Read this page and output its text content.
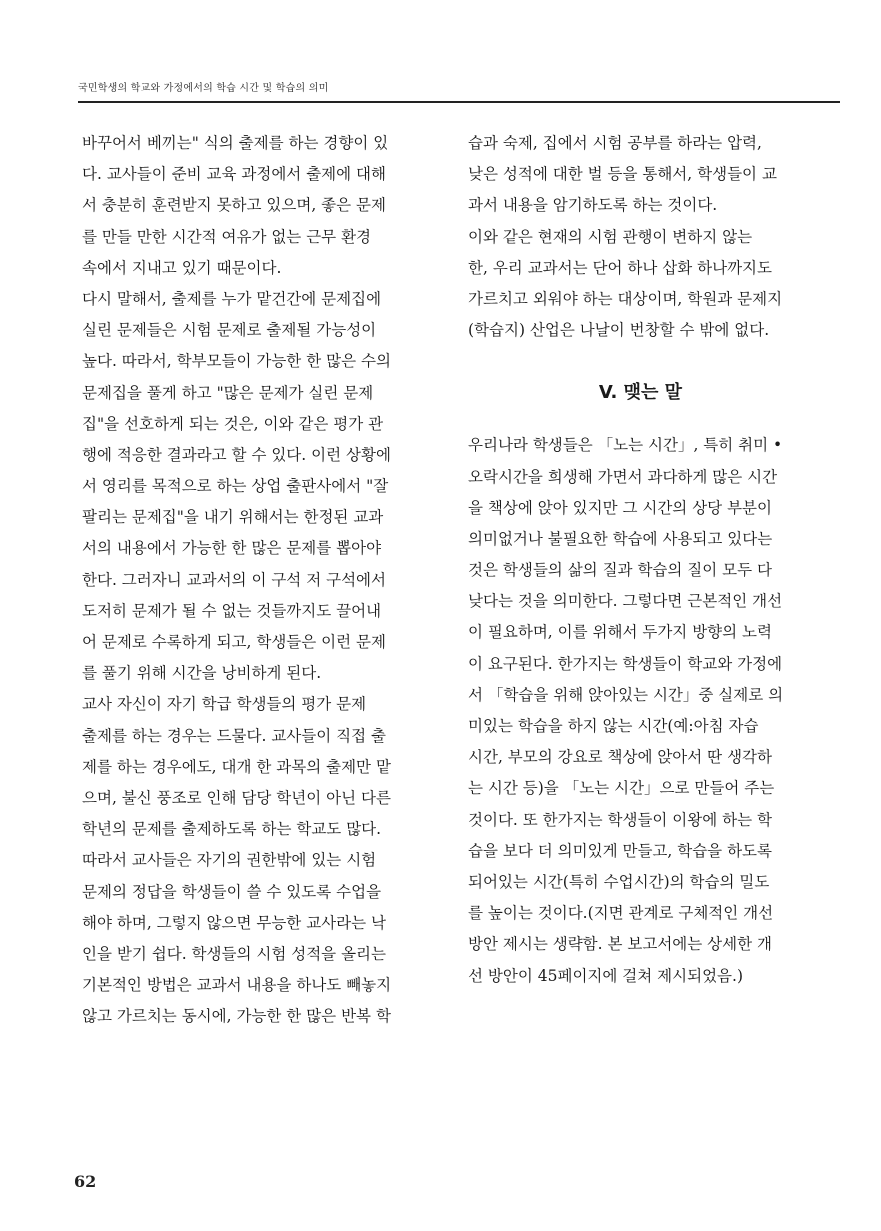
국민학생의 학교와 가정에서의 학습 시간 및 학습의 의미
바꾸어서 베끼는" 식의 출제를 하는 경향이 있
다. 교사들이 준비 교육 과정에서 출제에 대해
서 충분히 훈련받지 못하고 있으며, 좋은 문제
를 만들 만한 시간적 여유가 없는 근무 환경
속에서 지내고 있기 때문이다.
다시 말해서, 출제를 누가 맡건간에 문제집에
실린 문제들은 시험 문제로 출제될 가능성이
높다. 따라서, 학부모들이 가능한 한 많은 수의
문제집을 풀게 하고 "많은 문제가 실린 문제
집"을 선호하게 되는 것은, 이와 같은 평가 관
행에 적응한 결과라고 할 수 있다. 이런 상황에
서 영리를 목적으로 하는 상업 출판사에서 "잘
팔리는 문제집"을 내기 위해서는 한정된 교과
서의 내용에서 가능한 한 많은 문제를 뽑아야
한다. 그러자니 교과서의 이 구석 저 구석에서
도저히 문제가 될 수 없는 것들까지도 끌어내
어 문제로 수록하게 되고, 학생들은 이런 문제
를 풀기 위해 시간을 낭비하게 된다.
교사 자신이 자기 학급 학생들의 평가 문제
출제를 하는 경우는 드물다. 교사들이 직접 출
제를 하는 경우에도, 대개 한 과목의 출제만 맡
으며, 불신 풍조로 인해 담당 학년이 아닌 다른
학년의 문제를 출제하도록 하는 학교도 많다.
따라서 교사들은 자기의 권한밖에 있는 시험
문제의 정답을 학생들이 쓸 수 있도록 수업을
해야 하며, 그렇지 않으면 무능한 교사라는 낙
인을 받기 쉽다. 학생들의 시험 성적을 올리는
기본적인 방법은 교과서 내용을 하나도 빼놓지
않고 가르치는 동시에, 가능한 한 많은 반복 학
습과 숙제, 집에서 시험 공부를 하라는 압력,
낮은 성적에 대한 벌 등을 통해서, 학생들이 교
과서 내용을 암기하도록 하는 것이다.
이와 같은 현재의 시험 관행이 변하지 않는
한, 우리 교과서는 단어 하나 삽화 하나까지도
가르치고 외워야 하는 대상이며, 학원과 문제지
(학습지) 산업은 나날이 번창할 수 밖에 없다.
V. 맺는 말
우리나라 학생들은 「노는 시간」, 특히 취미 •
오락시간을 희생해 가면서 과다하게 많은 시간
을 책상에 앉아 있지만 그 시간의 상당 부분이
의미없거나 불필요한 학습에 사용되고 있다는
것은 학생들의 삶의 질과 학습의 질이 모두 다
낮다는 것을 의미한다. 그렇다면 근본적인 개선
이 필요하며, 이를 위해서 두가지 방향의 노력
이 요구된다. 한가지는 학생들이 학교와 가정에
서 「학습을 위해 앉아있는 시간」중 실제로 의
미있는 학습을 하지 않는 시간(예:아침 자습
시간, 부모의 강요로 책상에 앉아서 딴 생각하
는 시간 등)을 「노는 시간」으로 만들어 주는
것이다. 또 한가지는 학생들이 이왕에 하는 학
습을 보다 더 의미있게 만들고, 학습을 하도록
되어있는 시간(특히 수업시간)의 학습의 밀도
를 높이는 것이다.(지면 관계로 구체적인 개선
방안 제시는 생략함. 본 보고서에는 상세한 개
선 방안이 45페이지에 걸쳐 제시되었음.)
62
